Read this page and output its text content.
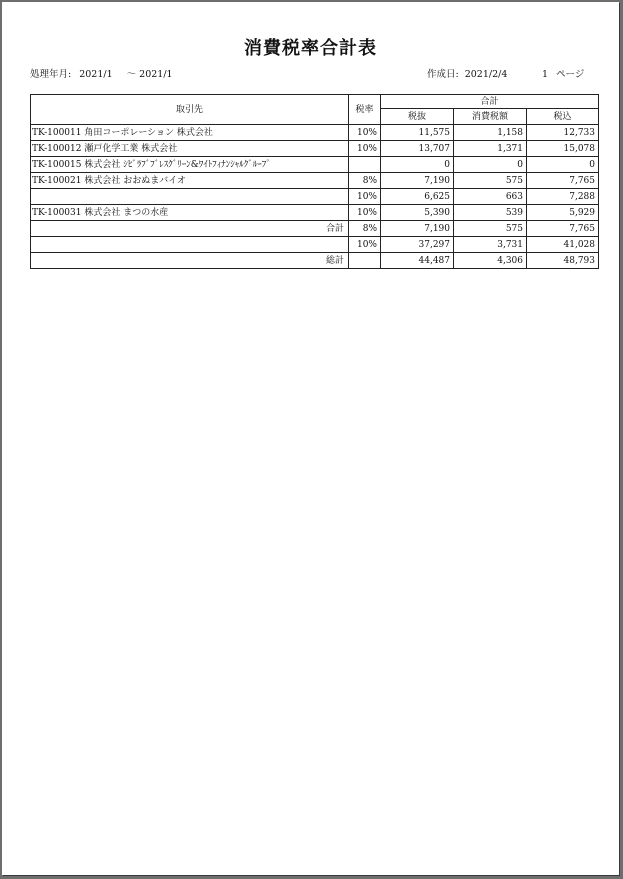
消費税率合計表
処理年月: 2021/1 ～ 2021/1	作成日: 2021/2/4	1 ページ
取引先	税率	合計		
		税抜	消費税額	税込
TK-100011 角田コーポレーション 株式会社	10%	11,575	1,158	12,733
TK-100012 瀬戸化学工業 株式会社	10%	13,707	1,371	15,078
TK-100015 株式会社 ｼﾋﾞﾗﾌﾞﾌﾞﾚｽｸﾞﾘｰﾝ&ﾜｲﾄﾌｨﾅﾝｼｬﾙｸﾞﾙｰﾌﾟ		0	0	0
TK-100021 株式会社 おおぬまバイオ	8%	7,190	575	7,765
	10%	6,625	663	7,288
TK-100031 株式会社 まつの水産	10%	5,390	539	5,929
合計	8%	7,190	575	7,765
	10%	37,297	3,731	41,028
総計		44,487	4,306	48,793
